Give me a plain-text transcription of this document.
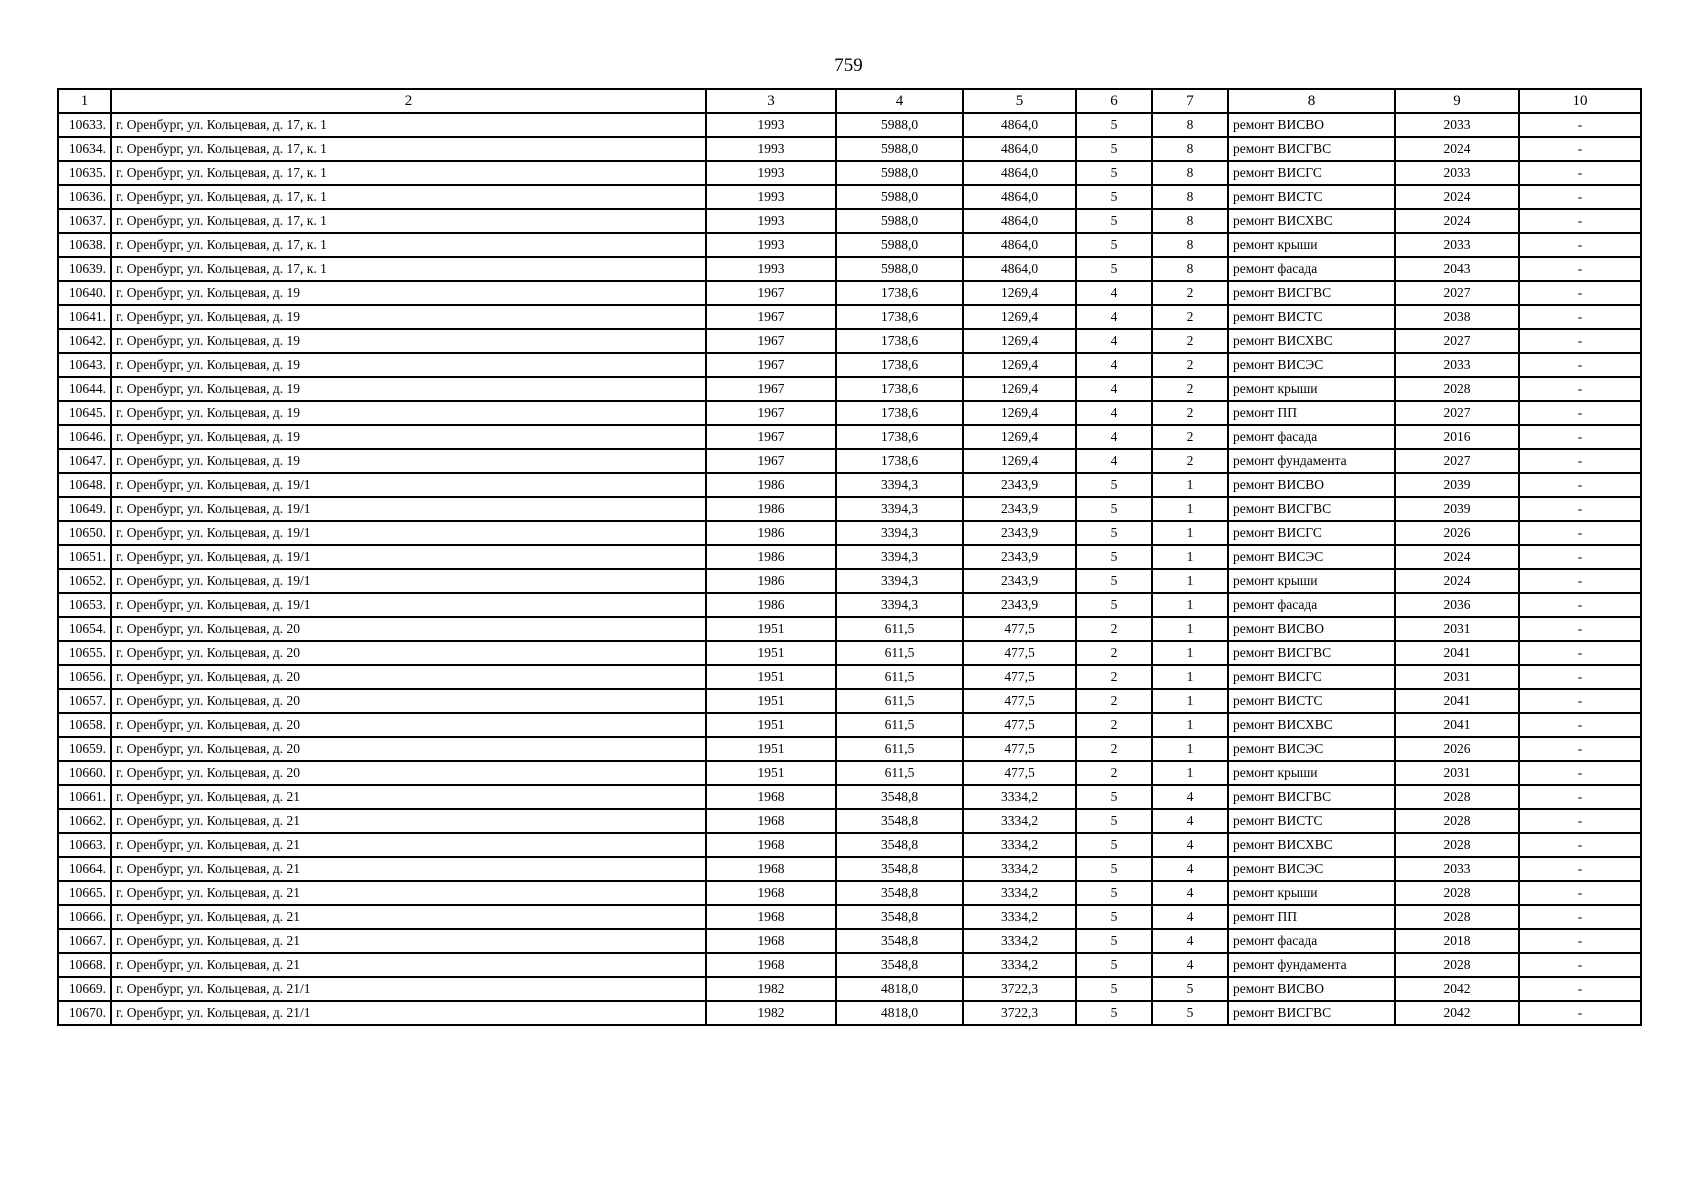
759
1	2	3	4	5	6	7	8	9	10
10633.	г. Оренбург, ул. Кольцевая, д. 17, к. 1	1993	5988,0	4864,0	5	8	ремонт ВИСВО	2033	-
10634.	г. Оренбург, ул. Кольцевая, д. 17, к. 1	1993	5988,0	4864,0	5	8	ремонт ВИСГВС	2024	-
10635.	г. Оренбург, ул. Кольцевая, д. 17, к. 1	1993	5988,0	4864,0	5	8	ремонт ВИСГС	2033	-
10636.	г. Оренбург, ул. Кольцевая, д. 17, к. 1	1993	5988,0	4864,0	5	8	ремонт ВИСТС	2024	-
10637.	г. Оренбург, ул. Кольцевая, д. 17, к. 1	1993	5988,0	4864,0	5	8	ремонт ВИСХВС	2024	-
10638.	г. Оренбург, ул. Кольцевая, д. 17, к. 1	1993	5988,0	4864,0	5	8	ремонт крыши	2033	-
10639.	г. Оренбург, ул. Кольцевая, д. 17, к. 1	1993	5988,0	4864,0	5	8	ремонт фасада	2043	-
10640.	г. Оренбург, ул. Кольцевая, д. 19	1967	1738,6	1269,4	4	2	ремонт ВИСГВС	2027	-
10641.	г. Оренбург, ул. Кольцевая, д. 19	1967	1738,6	1269,4	4	2	ремонт ВИСТС	2038	-
10642.	г. Оренбург, ул. Кольцевая, д. 19	1967	1738,6	1269,4	4	2	ремонт ВИСХВС	2027	-
10643.	г. Оренбург, ул. Кольцевая, д. 19	1967	1738,6	1269,4	4	2	ремонт ВИСЭС	2033	-
10644.	г. Оренбург, ул. Кольцевая, д. 19	1967	1738,6	1269,4	4	2	ремонт крыши	2028	-
10645.	г. Оренбург, ул. Кольцевая, д. 19	1967	1738,6	1269,4	4	2	ремонт ПП	2027	-
10646.	г. Оренбург, ул. Кольцевая, д. 19	1967	1738,6	1269,4	4	2	ремонт фасада	2016	-
10647.	г. Оренбург, ул. Кольцевая, д. 19	1967	1738,6	1269,4	4	2	ремонт фундамента	2027	-
10648.	г. Оренбург, ул. Кольцевая, д. 19/1	1986	3394,3	2343,9	5	1	ремонт ВИСВО	2039	-
10649.	г. Оренбург, ул. Кольцевая, д. 19/1	1986	3394,3	2343,9	5	1	ремонт ВИСГВС	2039	-
10650.	г. Оренбург, ул. Кольцевая, д. 19/1	1986	3394,3	2343,9	5	1	ремонт ВИСГС	2026	-
10651.	г. Оренбург, ул. Кольцевая, д. 19/1	1986	3394,3	2343,9	5	1	ремонт ВИСЭС	2024	-
10652.	г. Оренбург, ул. Кольцевая, д. 19/1	1986	3394,3	2343,9	5	1	ремонт крыши	2024	-
10653.	г. Оренбург, ул. Кольцевая, д. 19/1	1986	3394,3	2343,9	5	1	ремонт фасада	2036	-
10654.	г. Оренбург, ул. Кольцевая, д. 20	1951	611,5	477,5	2	1	ремонт ВИСВО	2031	-
10655.	г. Оренбург, ул. Кольцевая, д. 20	1951	611,5	477,5	2	1	ремонт ВИСГВС	2041	-
10656.	г. Оренбург, ул. Кольцевая, д. 20	1951	611,5	477,5	2	1	ремонт ВИСГС	2031	-
10657.	г. Оренбург, ул. Кольцевая, д. 20	1951	611,5	477,5	2	1	ремонт ВИСТС	2041	-
10658.	г. Оренбург, ул. Кольцевая, д. 20	1951	611,5	477,5	2	1	ремонт ВИСХВС	2041	-
10659.	г. Оренбург, ул. Кольцевая, д. 20	1951	611,5	477,5	2	1	ремонт ВИСЭС	2026	-
10660.	г. Оренбург, ул. Кольцевая, д. 20	1951	611,5	477,5	2	1	ремонт крыши	2031	-
10661.	г. Оренбург, ул. Кольцевая, д. 21	1968	3548,8	3334,2	5	4	ремонт ВИСГВС	2028	-
10662.	г. Оренбург, ул. Кольцевая, д. 21	1968	3548,8	3334,2	5	4	ремонт ВИСТС	2028	-
10663.	г. Оренбург, ул. Кольцевая, д. 21	1968	3548,8	3334,2	5	4	ремонт ВИСХВС	2028	-
10664.	г. Оренбург, ул. Кольцевая, д. 21	1968	3548,8	3334,2	5	4	ремонт ВИСЭС	2033	-
10665.	г. Оренбург, ул. Кольцевая, д. 21	1968	3548,8	3334,2	5	4	ремонт крыши	2028	-
10666.	г. Оренбург, ул. Кольцевая, д. 21	1968	3548,8	3334,2	5	4	ремонт ПП	2028	-
10667.	г. Оренбург, ул. Кольцевая, д. 21	1968	3548,8	3334,2	5	4	ремонт фасада	2018	-
10668.	г. Оренбург, ул. Кольцевая, д. 21	1968	3548,8	3334,2	5	4	ремонт фундамента	2028	-
10669.	г. Оренбург, ул. Кольцевая, д. 21/1	1982	4818,0	3722,3	5	5	ремонт ВИСВО	2042	-
10670.	г. Оренбург, ул. Кольцевая, д. 21/1	1982	4818,0	3722,3	5	5	ремонт ВИСГВС	2042	-
